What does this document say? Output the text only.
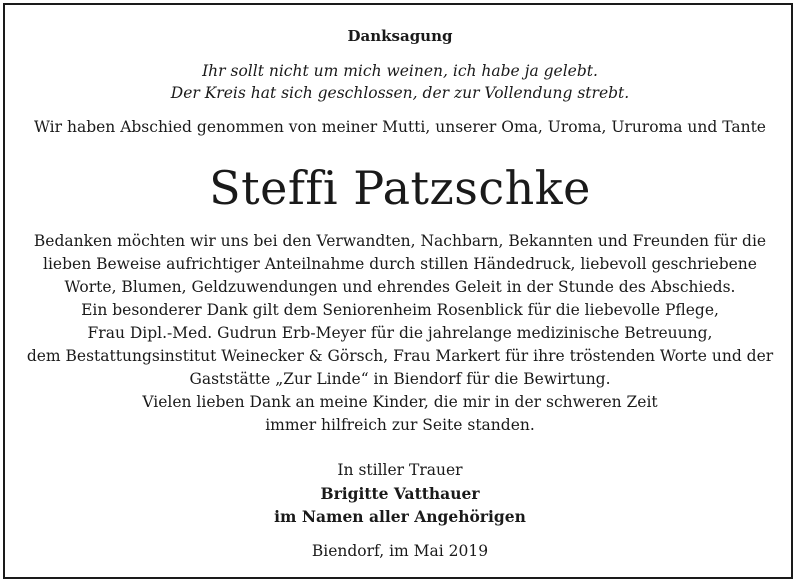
Danksagung
Ihr sollt nicht um mich weinen, ich habe ja gelebt.
Der Kreis hat sich geschlossen, der zur Vollendung strebt.
Wir haben Abschied genommen von meiner Mutti, unserer Oma, Uroma, Ururoma und Tante
Steffi Patzschke
Bedanken möchten wir uns bei den Verwandten, Nachbarn, Bekannten und Freunden für die
lieben Beweise aufrichtiger Anteilnahme durch stillen Händedruck, liebevoll geschriebene
Worte, Blumen, Geldzuwendungen und ehrendes Geleit in der Stunde des Abschieds.
Ein besonderer Dank gilt dem Seniorenheim Rosenblick für die liebevolle Pflege,
Frau Dipl.-Med. Gudrun Erb-Meyer für die jahrelange medizinische Betreuung,
dem Bestattungsinstitut Weinecker & Görsch, Frau Markert für ihre tröstenden Worte und der
Gaststätte „Zur Linde“ in Biendorf für die Bewirtung.
Vielen lieben Dank an meine Kinder, die mir in der schweren Zeit
immer hilfreich zur Seite standen.
In stiller Trauer
Brigitte Vatthauer
im Namen aller Angehörigen
Biendorf, im Mai 2019
